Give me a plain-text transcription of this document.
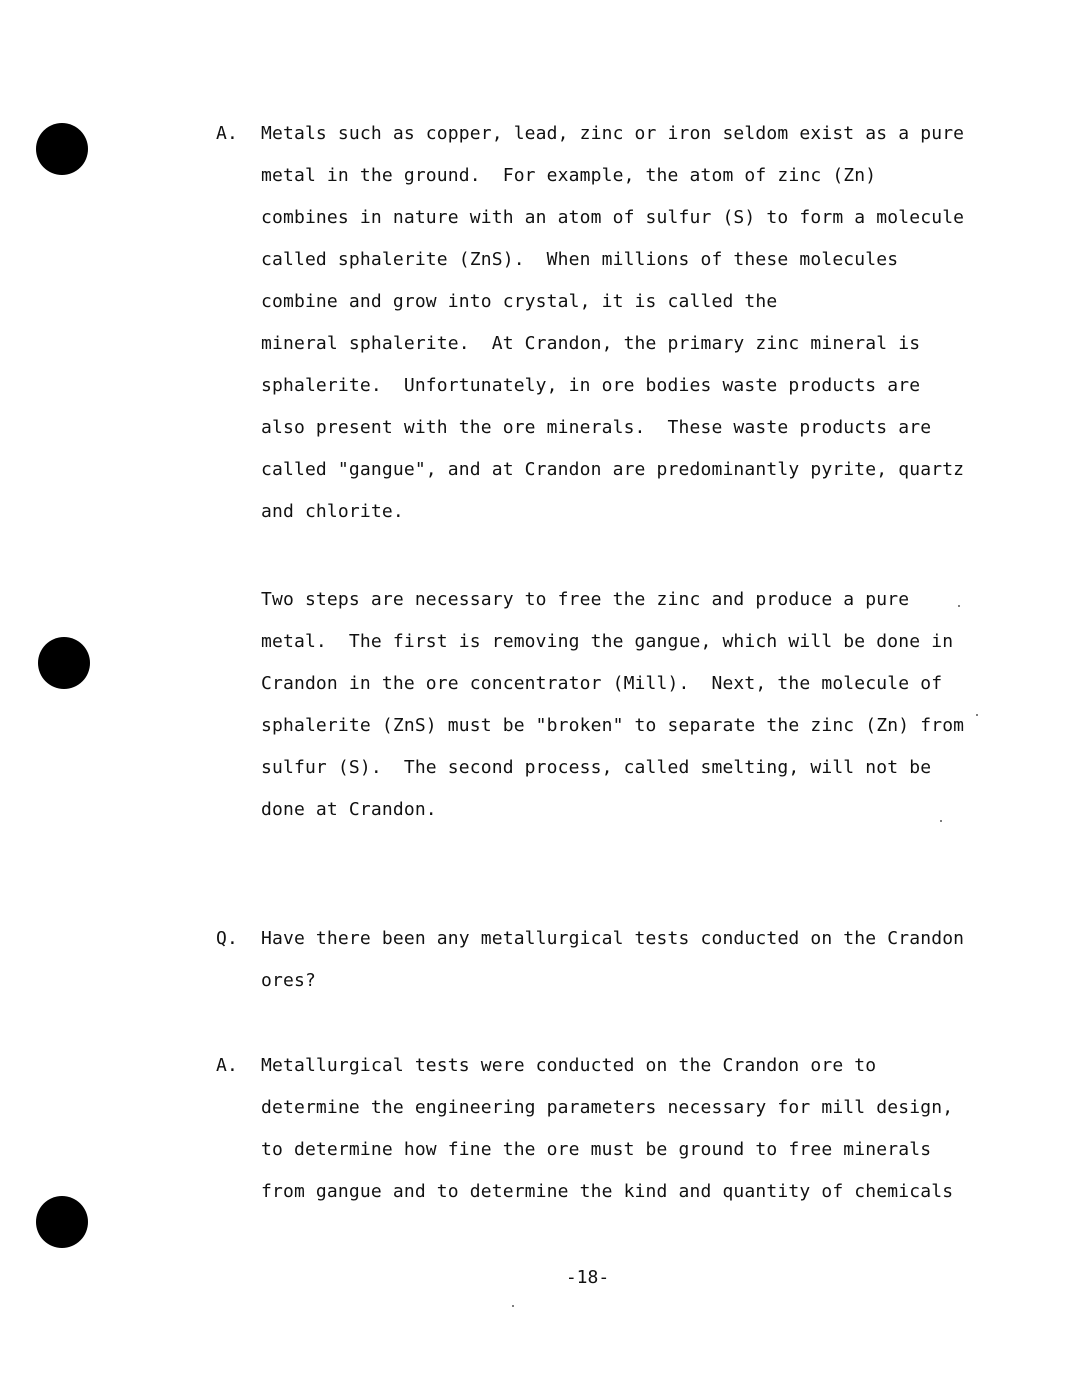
A. Metals such as copper, lead, zinc or iron seldom exist as a pure
metal in the ground.  For example, the atom of zinc (Zn)
combines in nature with an atom of sulfur (S) to form a molecule
called sphalerite (ZnS).  When millions of these molecules
combine and grow into crystal, it is called the
mineral sphalerite.  At Crandon, the primary zinc mineral is
sphalerite.  Unfortunately, in ore bodies waste products are
also present with the ore minerals.  These waste products are
called "gangue", and at Crandon are predominantly pyrite, quartz
and chlorite.
Two steps are necessary to free the zinc and produce a pure
metal.  The first is removing the gangue, which will be done in
Crandon in the ore concentrator (Mill).  Next, the molecule of
sphalerite (ZnS) must be "broken" to separate the zinc (Zn) from
sulfur (S).  The second process, called smelting, will not be
done at Crandon.
Q. Have there been any metallurgical tests conducted on the Crandon
ores?
A. Metallurgical tests were conducted on the Crandon ore to
determine the engineering parameters necessary for mill design,
to determine how fine the ore must be ground to free minerals
from gangue and to determine the kind and quantity of chemicals
-18-
